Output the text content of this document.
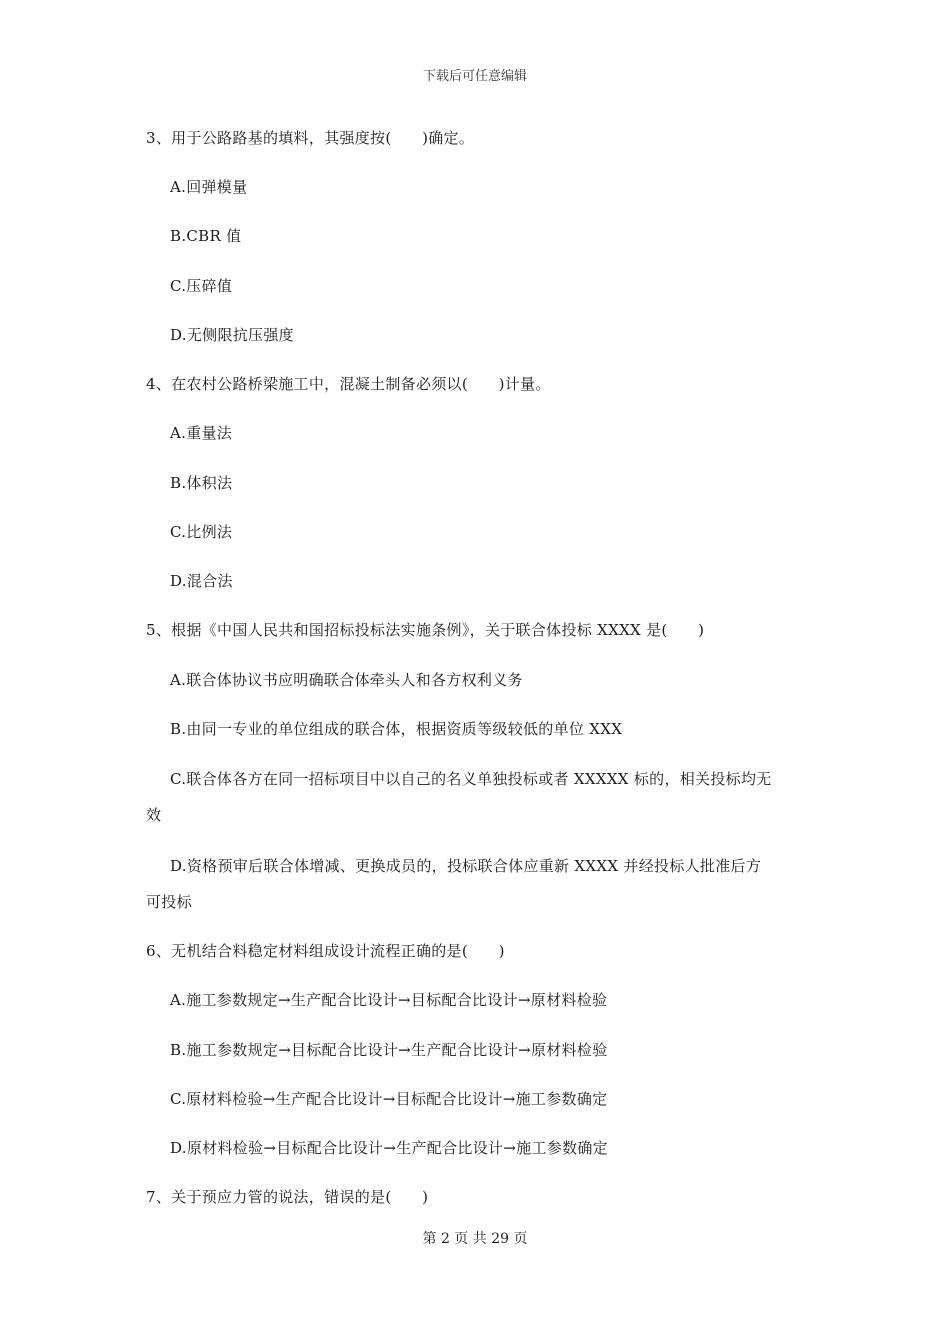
下载后可任意编辑
3、用于公路路基的填料，其强度按(　　)确定。
A.回弹模量
B.CBR 值
C.压碎值
D.无侧限抗压强度
4、在农村公路桥梁施工中，混凝土制备必须以(　　)计量。
A.重量法
B.体积法
C.比例法
D.混合法
5、根据《中国人民共和国招标投标法实施条例》，关于联合体投标 XXXX 是(　　)
A.联合体协议书应明确联合体牵头人和各方权利义务
B.由同一专业的单位组成的联合体，根据资质等级较低的单位 XXX
C.联合体各方在同一招标项目中以自己的名义单独投标或者 XXXXX 标的，相关投标均无
效
D.资格预审后联合体增减、更换成员的，投标联合体应重新 XXXX 并经投标人批准后方
可投标
6、无机结合料稳定材料组成设计流程正确的是(　　)
A.施工参数规定→生产配合比设计→目标配合比设计→原材料检验
B.施工参数规定→目标配合比设计→生产配合比设计→原材料检验
C.原材料检验→生产配合比设计→目标配合比设计→施工参数确定
D.原材料检验→目标配合比设计→生产配合比设计→施工参数确定
7、关于预应力管的说法，错误的是(　　)
第 2 页 共 29 页
